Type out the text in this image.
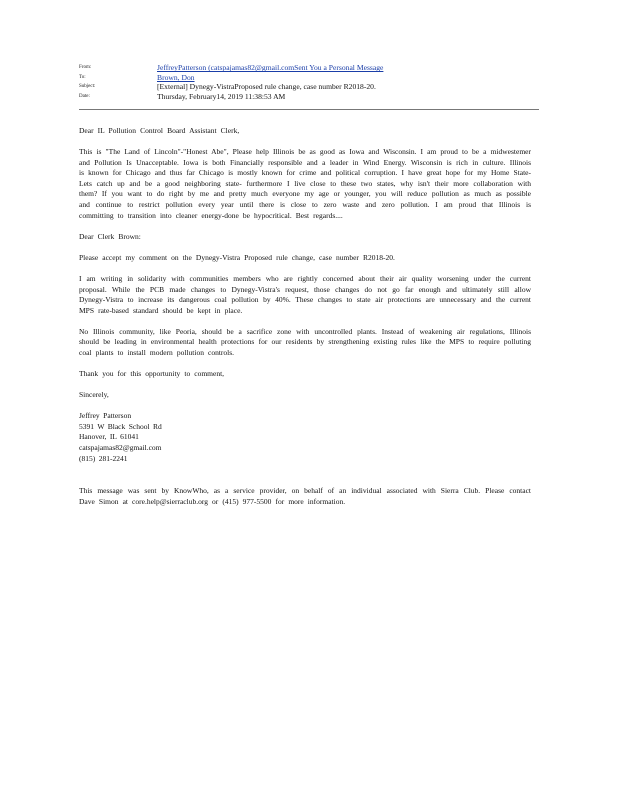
From:	JeffreyPatterson (catspajamas82@gmail.comSent You a Personal Message
To:	Brown, Don
Subject:	[External] Dynegy-VistraProposed rule change, case number R2018-20.
Date:	Thursday, February14, 2019 11:38:53 AM

Dear IL Pollution Control Board Assistant Clerk,

This is "The Land of Lincoln"-"Honest Abe", Please help Illinois be as good as Iowa and Wisconsin. I am proud to be a midwestemer and Pollution Is Unacceptable. Iowa is both Financially responsible and a leader in Wind Energy. Wisconsin is rich in culture. Illinois is known for Chicago and thus far Chicago is mostly known for crime and political corruption. I have great hope for my Home State- Lets catch up and be a good neighboring state- furthermore I live close to these two states, why isn't their more collaboration with them? If you want to do right by me and pretty much everyone my age or younger, you will reduce pollution as much as possible and continue to restrict pollution every year until there is close to zero waste and zero pollution. I am proud that Illinois is committing to transition into cleaner energy-done be hypocritical. Best regards....

Dear Clerk Brown:

Please accept my comment on the Dynegy-Vistra Proposed rule change, case number R2018-20.

I am writing in solidarity with communities members who are rightly concerned about their air quality worsening under the current proposal. While the PCB made changes to Dynegy-Vistra's request, those changes do not go far enough and ultimately still allow Dynegy-Vistra to increase its dangerous coal pollution by 40%. These changes to state air protections are unnecessary and the current MPS rate-based standard should be kept in place.

No Illinois community, like Peoria, should be a sacrifice zone with uncontrolled plants. Instead of weakening air regulations, Illinois should be leading in environmental health protections for our residents by strengthening existing rules like the MPS to require polluting coal plants to install modern pollution controls.

Thank you for this opportunity to comment,

Sincerely,

Jeffrey Patterson

5391 W Black School Rd

Hanover, IL 61041

catspajamas82@gmail.com

(815) 281-2241

This message was sent by KnowWho, as a service provider, on behalf of an individual associated with Sierra Club. Please contact Dave Simon at core.help@sierraclub.org or (415) 977-5500 for more information.
